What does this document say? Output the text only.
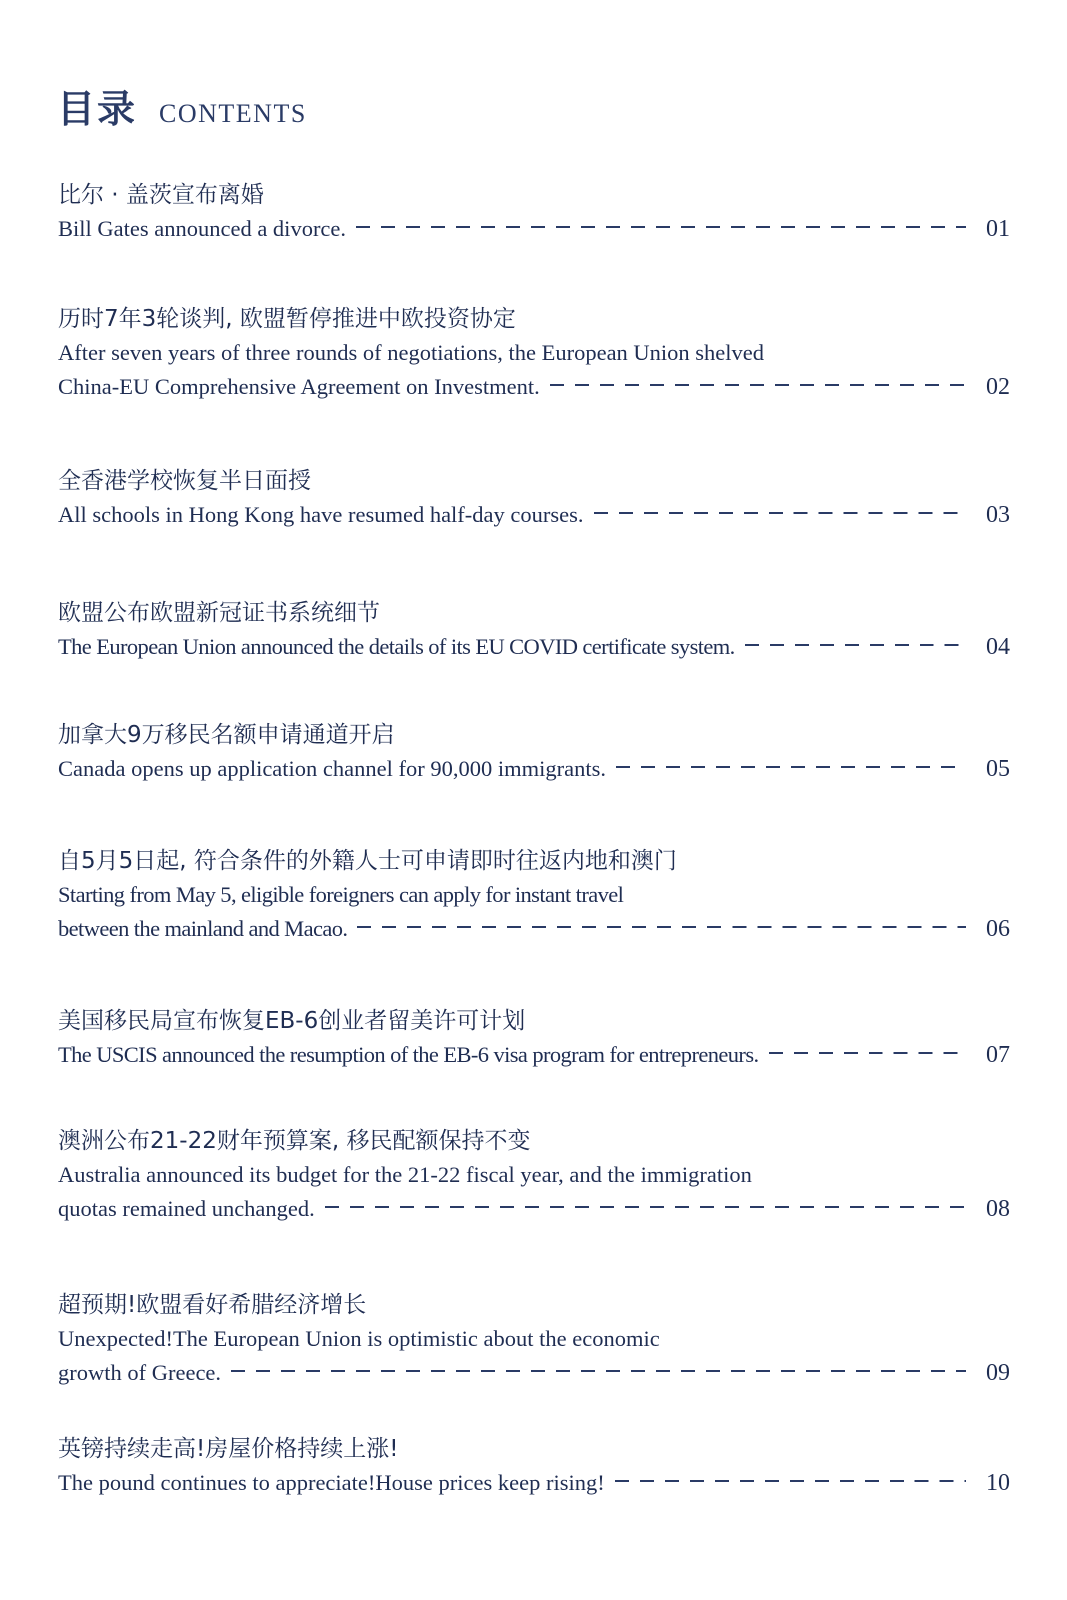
目录 CONTENTS
比尔 · 盖茨宣布离婚
Bill Gates announced a divorce.	01
历时7年3轮谈判, 欧盟暂停推进中欧投资协定
After seven years of three rounds of negotiations, the European Union shelved
China-EU Comprehensive Agreement on Investment.	02
全香港学校恢复半日面授
All schools in Hong Kong have resumed half-day courses.	03
欧盟公布欧盟新冠证书系统细节
The European Union announced the details of its EU COVID certificate system.	04
加拿大9万移民名额申请通道开启
Canada opens up application channel for 90,000 immigrants.	05
自5月5日起, 符合条件的外籍人士可申请即时往返内地和澳门
Starting from May 5, eligible foreigners can apply for instant travel
between the mainland and Macao.	06
美国移民局宣布恢复EB-6创业者留美许可计划
The USCIS announced the resumption of the EB-6 visa program for entrepreneurs.	07
澳洲公布21-22财年预算案, 移民配额保持不变
Australia announced its budget for the 21-22 fiscal year, and the immigration
quotas remained unchanged.	08
超预期!欧盟看好希腊经济增长
Unexpected!The European Union is optimistic about the economic
growth of Greece.	09
英镑持续走高!房屋价格持续上涨!
The pound continues to appreciate!House prices keep rising!	10
